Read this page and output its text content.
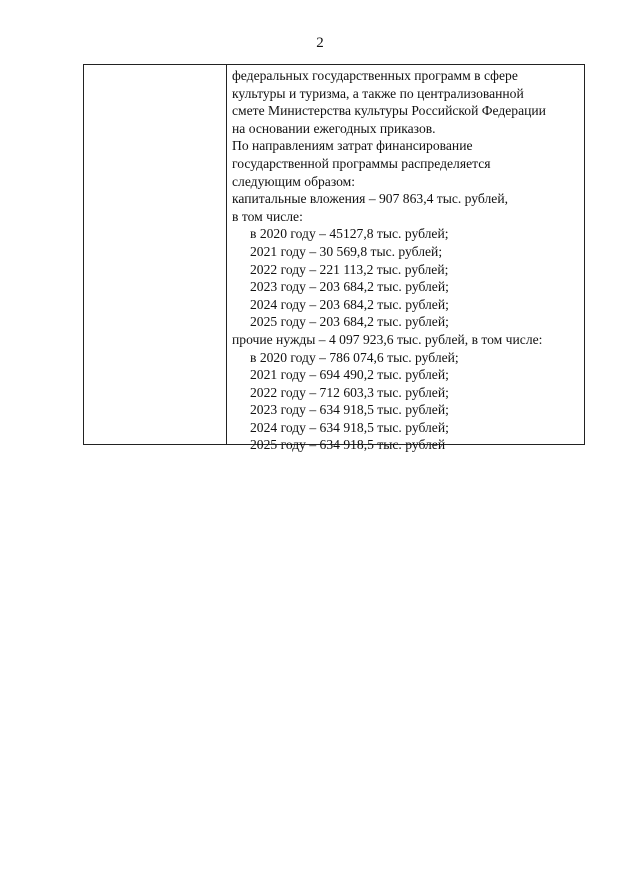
2
федеральных государственных программ в сфере
культуры и туризма, а также по централизованной
смете Министерства культуры Российской Федерации
на основании ежегодных приказов.
По направлениям затрат финансирование
государственной программы распределяется
следующим образом:
капитальные вложения – 907 863,4 тыс. рублей,
в том числе:
в 2020 году – 45127,8 тыс. рублей;
2021 году – 30 569,8 тыс. рублей;
2022 году – 221 113,2 тыс. рублей;
2023 году – 203 684,2 тыс. рублей;
2024 году – 203 684,2 тыс. рублей;
2025 году – 203 684,2 тыс. рублей;
прочие нужды – 4 097 923,6 тыс. рублей, в том числе:
в 2020 году – 786 074,6 тыс. рублей;
2021 году – 694 490,2 тыс. рублей;
2022 году – 712 603,3 тыс. рублей;
2023 году – 634 918,5 тыс. рублей;
2024 году – 634 918,5 тыс. рублей;
2025 году – 634 918,5 тыс. рублей
